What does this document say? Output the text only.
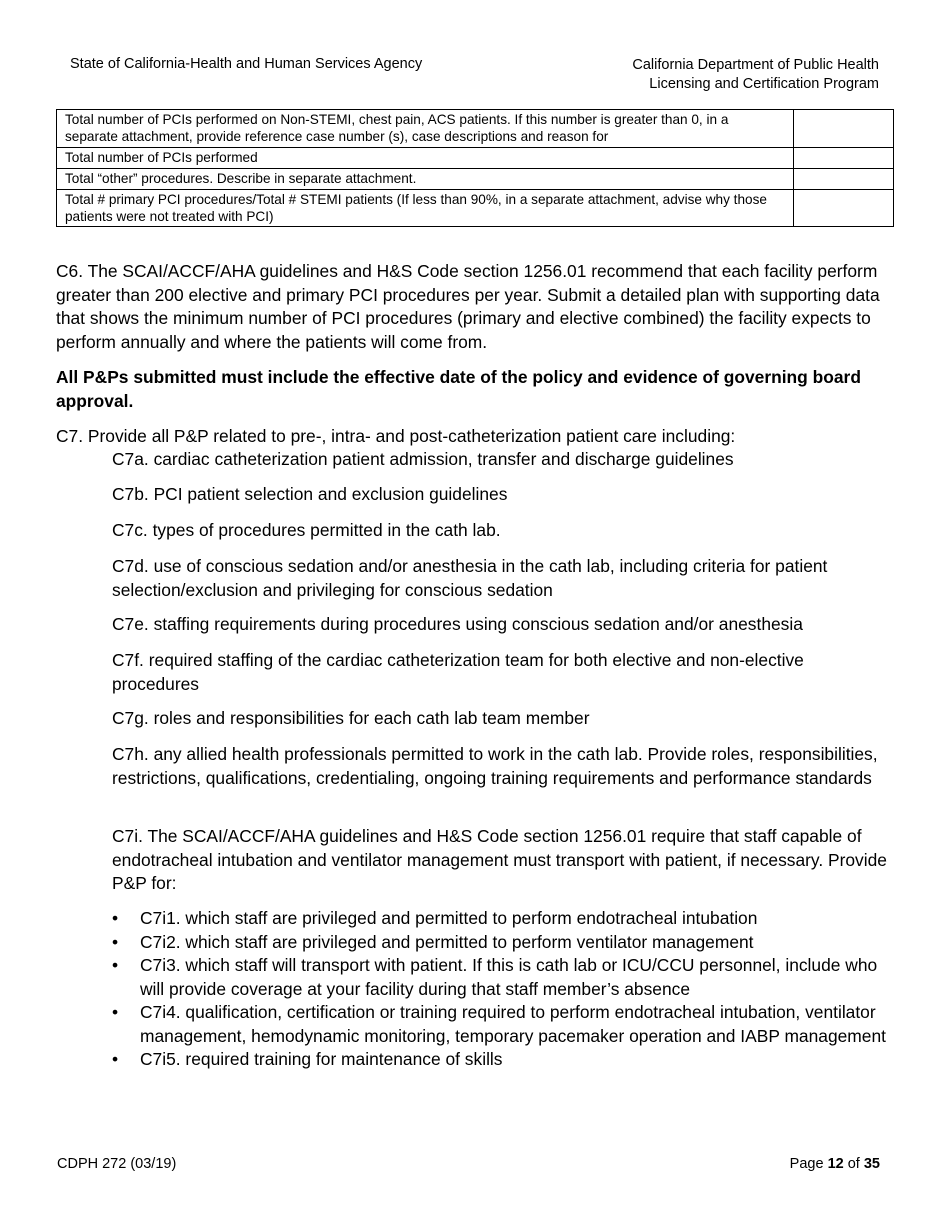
State of California-Health and Human Services Agency	California Department of Public Health
Licensing and Certification Program
Total number of PCIs performed on Non-STEMI, chest pain, ACS patients. If this number is greater than 0, in a separate attachment, provide reference case number (s), case descriptions and reason for	

Total number of PCIs performed	
Total “other” procedures. Describe in separate attachment.	
Total # primary PCI procedures/Total # STEMI patients (If less than 90%, in a separate attachment, advise why those patients were not treated with PCI)	
C6. The SCAI/ACCF/AHA guidelines and H&S Code section 1256.01 recommend that each facility perform greater than 200 elective and primary PCI procedures per year. Submit a detailed plan with supporting data that shows the minimum number of PCI procedures (primary and elective combined) the facility expects to perform annually and where the patients will come from.
All P&Ps submitted must include the effective date of the policy and evidence of governing board approval.
C7. Provide all P&P related to pre-, intra- and post-catheterization patient care including:
C7a. cardiac catheterization patient admission, transfer and discharge guidelines
C7b. PCI patient selection and exclusion guidelines
C7c. types of procedures permitted in the cath lab.
C7d. use of conscious sedation and/or anesthesia in the cath lab, including criteria for patient selection/exclusion and privileging for conscious sedation
C7e. staffing requirements during procedures using conscious sedation and/or anesthesia
C7f. required staffing of the cardiac catheterization team for both elective and non-elective procedures
C7g. roles and responsibilities for each cath lab team member
C7h. any allied health professionals permitted to work in the cath lab. Provide roles, responsibilities, restrictions, qualifications, credentialing, ongoing training requirements and performance standards
C7i. The SCAI/ACCF/AHA guidelines and H&S Code section 1256.01 require that staff capable of endotracheal intubation and ventilator management must transport with patient, if necessary. Provide P&P for:

• C7i1. which staff are privileged and permitted to perform endotracheal intubation

• C7i2. which staff are privileged and permitted to perform ventilator management

• C7i3. which staff will transport with patient. If this is cath lab or ICU/CCU personnel, include who will provide coverage at your facility during that staff member’s absence

• C7i4. qualification, certification or training required to perform endotracheal intubation, ventilator management, hemodynamic monitoring, temporary pacemaker operation and IABP management

• C7i5. required training for maintenance of skills

CDPH 272 (03/19)	Page 12 of 35
